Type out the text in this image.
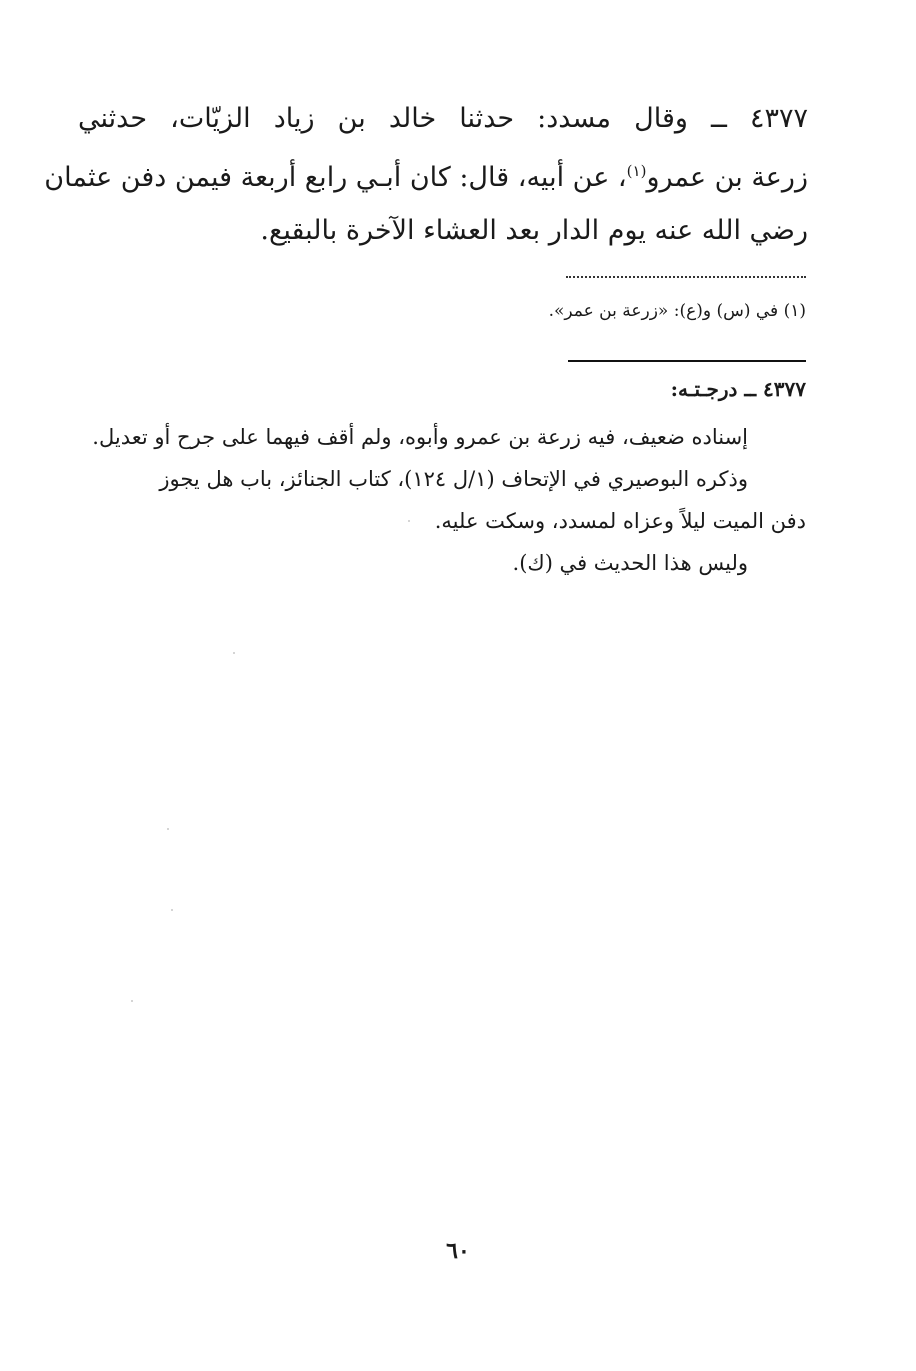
٤٣٧٧ ــ وقال مسدد: حدثنا خالد بن زياد الزيّات، حدثني
زرعة بن عمرو$^{(١)}$، عن أبيه، قال: كان أبـي رابع أربعة فيمن دفن عثمان
رضي الله عنه يوم الدار بعد العشاء الآخرة بالبقيع.
(١) في (س) و(ع): «زرعة بن عمر».
٤٣٧٧ ــ درجـتـه:
إسناده ضعيف، فيه زرعة بن عمرو وأبوه، ولم أقف فيهما على جرح أو تعديل.
وذكره البوصيري في الإتحاف (١/ل ١٢٤)، كتاب الجنائز، باب هل يجوز
دفن الميت ليلاً وعزاه لمسدد، وسكت عليه.
وليس هذا الحديث في (ك).
٦٠
